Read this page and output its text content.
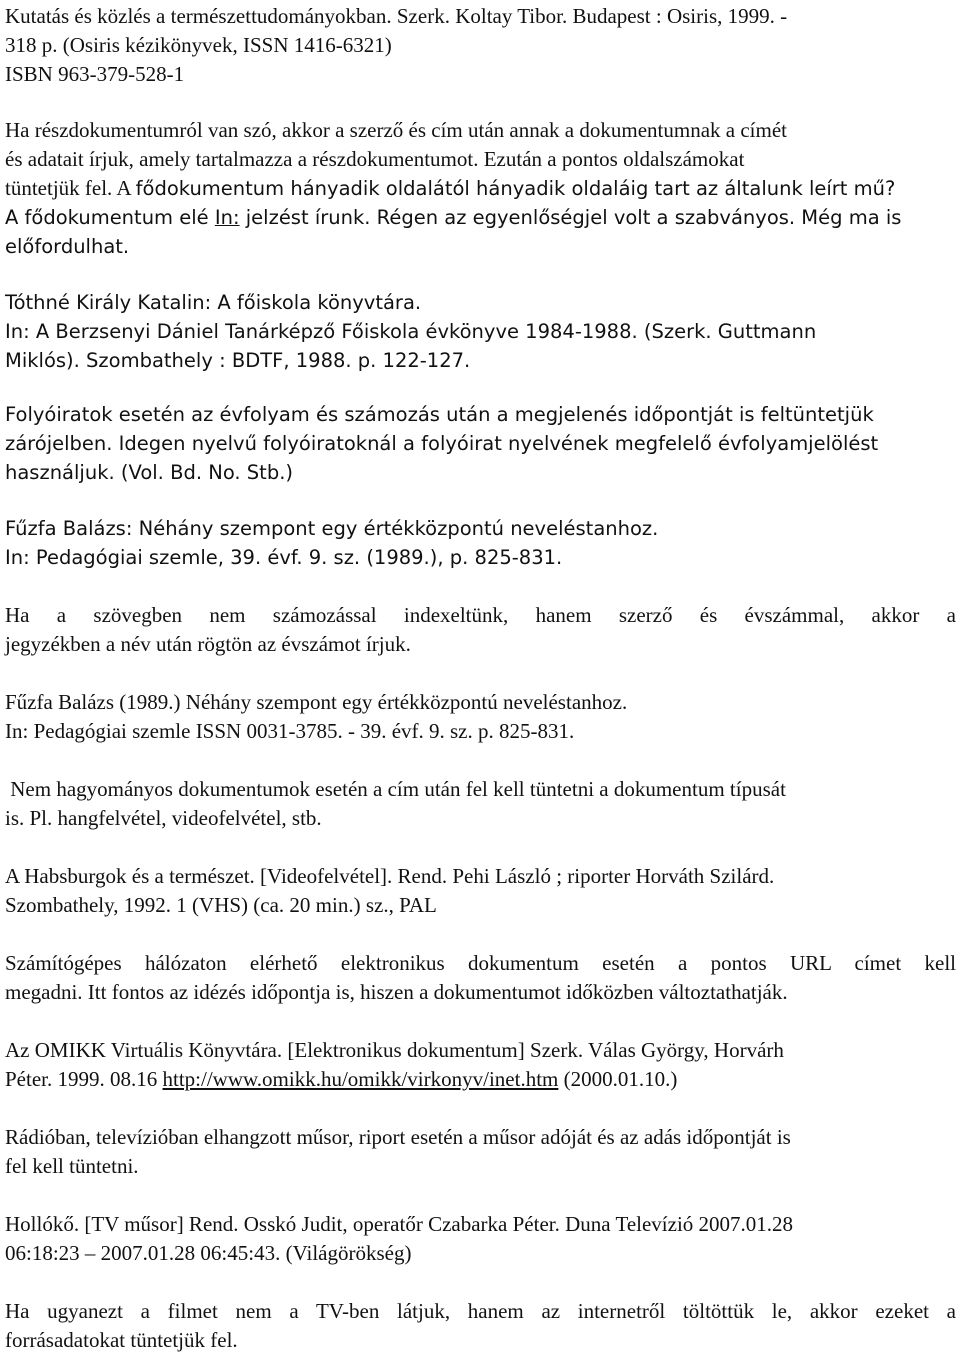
Kutatás és közlés a természettudományokban. Szerk. Koltay Tibor. Budapest : Osiris, 1999. -
318 p. (Osiris kézikönyvek, ISSN 1416-6321)
ISBN 963-379-528-1

Ha részdokumentumról van szó, akkor a szerző és cím után annak a dokumentumnak a címét
és adatait írjuk, amely tartalmazza a részdokumentumot. Ezután a pontos oldalszámokat
tüntetjük fel. A fődokumentum hányadik oldalától hányadik oldaláig tart az általunk leírt mű?
A fődokumentum elé In: jelzést írunk. Régen az egyenlőségjel volt a szabványos. Még ma is
előfordulhat.

Tóthné Király Katalin: A főiskola könyvtára.
In: A Berzsenyi Dániel Tanárképző Főiskola évkönyve 1984-1988. (Szerk. Guttmann
Miklós). Szombathely : BDTF, 1988. p. 122-127.

Folyóiratok esetén az évfolyam és számozás után a megjelenés időpontját is feltüntetjük
zárójelben. Idegen nyelvű folyóiratoknál a folyóirat nyelvének megfelelő évfolyamjelölést
használjuk. (Vol. Bd. No. Stb.)

Fűzfa Balázs: Néhány szempont egy értékközpontú neveléstanhoz.
In: Pedagógiai szemle, 39. évf. 9. sz. (1989.), p. 825-831.

Ha a szövegben nem számozással indexeltünk, hanem szerző és évszámmal, akkor a
jegyzékben a név után rögtön az évszámot írjuk.

Fűzfa Balázs (1989.) Néhány szempont egy értékközpontú neveléstanhoz.
In: Pedagógiai szemle ISSN 0031-3785. - 39. évf. 9. sz. p. 825-831.

Nem hagyományos dokumentumok esetén a cím után fel kell tüntetni a dokumentum típusát
is. Pl. hangfelvétel, videofelvétel, stb.

A Habsburgok és a természet. [Videofelvétel]. Rend. Pehi László ; riporter Horváth Szilárd.
Szombathely, 1992. 1 (VHS) (ca. 20 min.) sz., PAL

Számítógépes hálózaton elérhető elektronikus dokumentum esetén a pontos URL címet kell
megadni. Itt fontos az idézés időpontja is, hiszen a dokumentumot időközben változtathatják.

Az OMIKK Virtuális Könyvtára. [Elektronikus dokumentum] Szerk. Válas György, Horvárh
Péter. 1999. 08.16 http://www.omikk.hu/omikk/virkonyv/inet.htm (2000.01.10.)

Rádióban, televízióban elhangzott műsor, riport esetén a műsor adóját és az adás időpontját is
fel kell tüntetni.

Hollókő. [TV műsor] Rend. Osskó Judit, operatőr Czabarka Péter. Duna Televízió 2007.01.28
06:18:23 – 2007.01.28 06:45:43. (Világörökség)

Ha ugyanezt a filmet nem a TV-ben látjuk, hanem az internetről töltöttük le, akkor ezeket a
forrásadatokat tüntetjük fel.
